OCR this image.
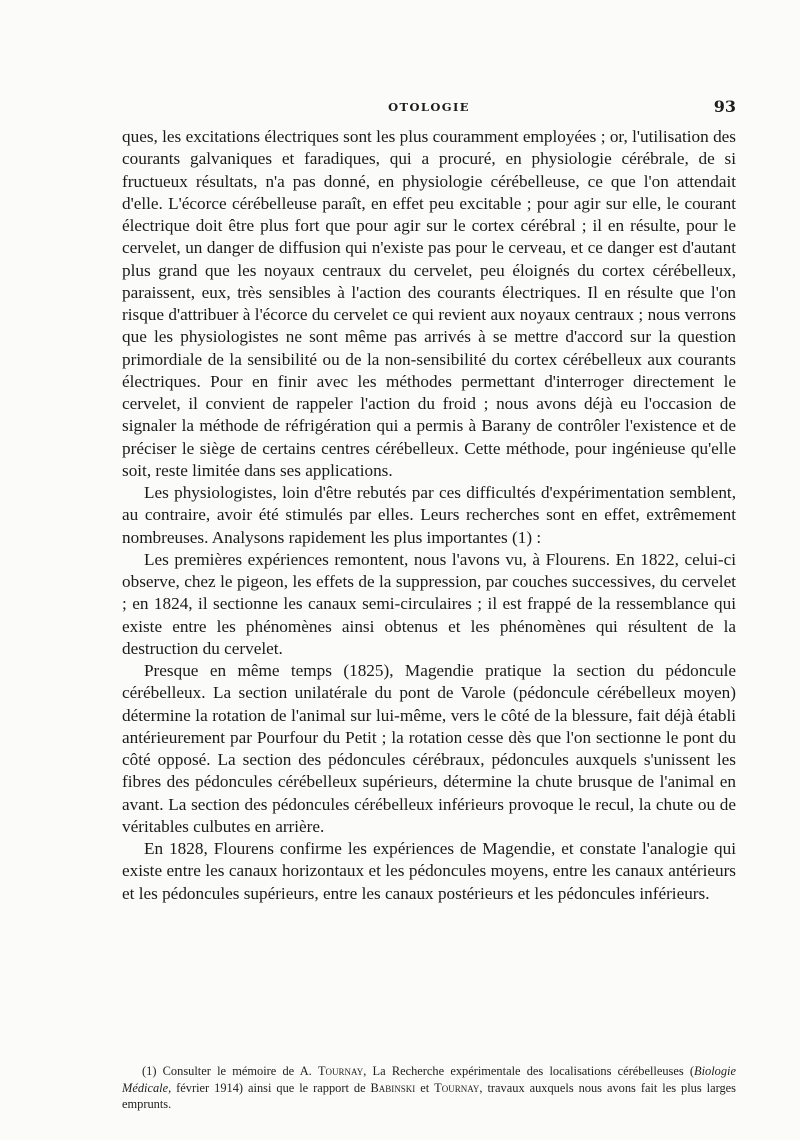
OTOLOGIE	93

ques, les excitations électriques sont les plus couramment employées ; or, l'utilisation des courants galvaniques et faradiques, qui a procuré, en physiologie cérébrale, de si fructueux résultats, n'a pas donné, en physiologie cérébelleuse, ce que l'on attendait d'elle. L'écorce cérébelleuse paraît, en effet peu excitable ; pour agir sur elle, le courant électrique doit être plus fort que pour agir sur le cortex cérébral ; il en résulte, pour le cervelet, un danger de diffusion qui n'existe pas pour le cerveau, et ce danger est d'autant plus grand que les noyaux centraux du cervelet, peu éloignés du cortex cérébelleux, paraissent, eux, très sensibles à l'action des courants électriques. Il en résulte que l'on risque d'attribuer à l'écorce du cervelet ce qui revient aux noyaux centraux ; nous verrons que les physiologistes ne sont même pas arrivés à se mettre d'accord sur la question primordiale de la sensibilité ou de la non-sensibilité du cortex cérébelleux aux courants électriques. Pour en finir avec les méthodes permettant d'interroger directement le cervelet, il convient de rappeler l'action du froid ; nous avons déjà eu l'occasion de signaler la méthode de réfrigération qui a permis à Barany de contrôler l'existence et de préciser le siège de certains centres cérébelleux. Cette méthode, pour ingénieuse qu'elle soit, reste limitée dans ses applications.

Les physiologistes, loin d'être rebutés par ces difficultés d'expérimentation semblent, au contraire, avoir été stimulés par elles. Leurs recherches sont en effet, extrêmement nombreuses. Analysons rapidement les plus importantes (1) :

Les premières expériences remontent, nous l'avons vu, à Flourens. En 1822, celui-ci observe, chez le pigeon, les effets de la suppression, par couches successives, du cervelet ; en 1824, il sectionne les canaux semi-circulaires ; il est frappé de la ressemblance qui existe entre les phénomènes ainsi obtenus et les phénomènes qui résultent de la destruction du cervelet.

Presque en même temps (1825), Magendie pratique la section du pédoncule cérébelleux. La section unilatérale du pont de Varole (pédoncule cérébelleux moyen) détermine la rotation de l'animal sur lui-même, vers le côté de la blessure, fait déjà établi antérieurement par Pourfour du Petit ; la rotation cesse dès que l'on sectionne le pont du côté opposé. La section des pédoncules cérébraux, pédoncules auxquels s'unissent les fibres des pédoncules cérébelleux supérieurs, détermine la chute brusque de l'animal en avant. La section des pédoncules cérébelleux inférieurs provoque le recul, la chute ou de véritables culbutes en arrière.

En 1828, Flourens confirme les expériences de Magendie, et constate l'analogie qui existe entre les canaux horizontaux et les pédoncules moyens, entre les canaux antérieurs et les pédoncules supérieurs, entre les canaux postérieurs et les pédoncules inférieurs.

(1) Consulter le mémoire de A. Tournay, La Recherche expérimentale des localisations cérébelleuses (Biologie Médicale, février 1914) ainsi que le rapport de Babinski et Tournay, travaux auxquels nous avons fait les plus larges emprunts.
